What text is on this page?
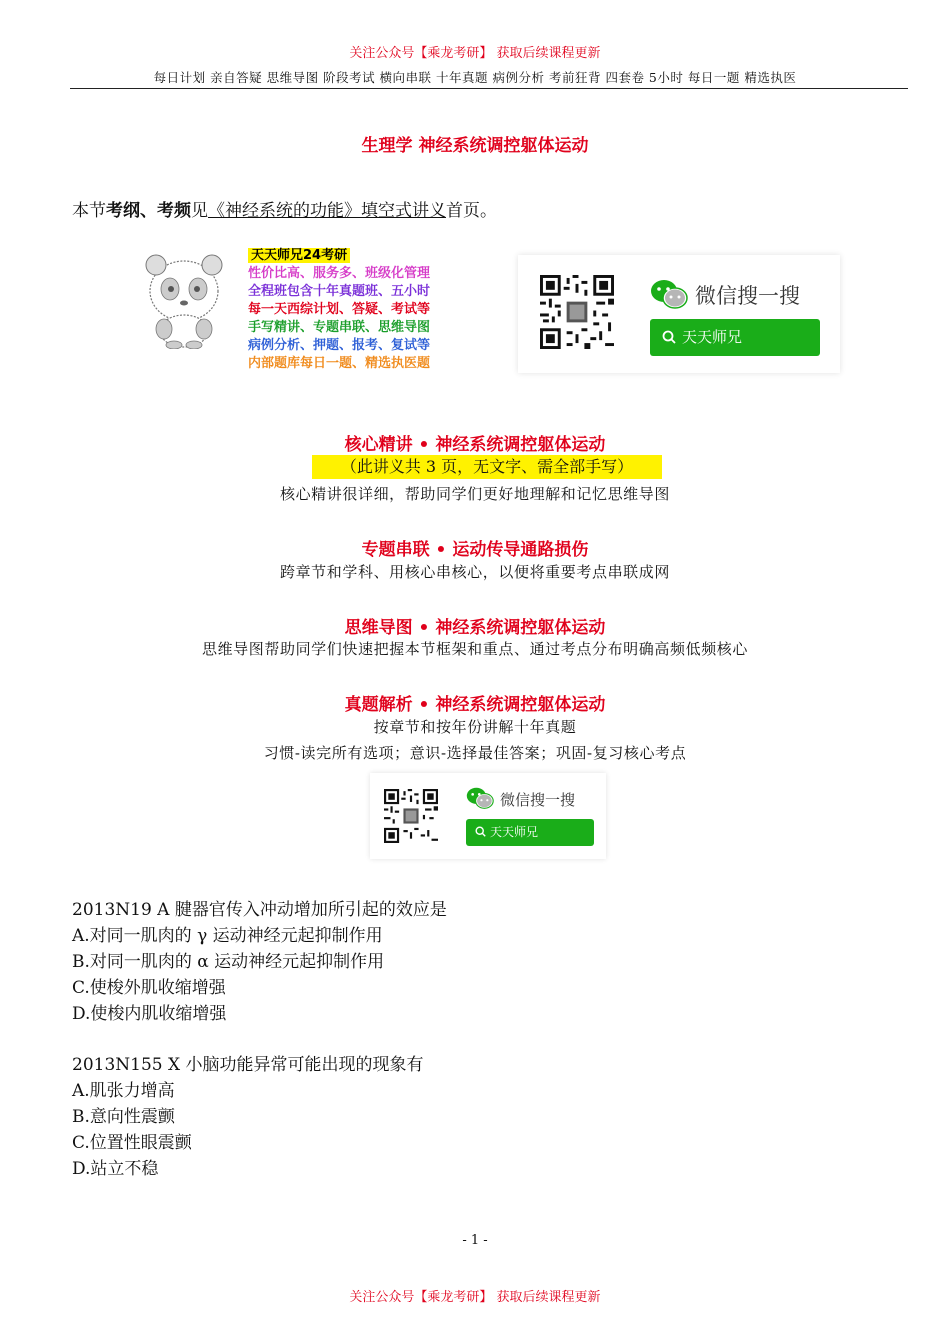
关注公众号【乘龙考研】 获取后续课程更新
每日计划 亲自答疑 思维导图 阶段考试 横向串联 十年真题 病例分析 考前狂背 四套卷 5小时 每日一题 精选执医
生理学 神经系统调控躯体运动
本节考纲、考频见《神经系统的功能》填空式讲义首页。
天天师兄24考研
性价比高、服务多、班级化管理
全程班包含十年真题班、五小时
每一天西综计划、答疑、考试等
手写精讲、专题串联、思维导图
病例分析、押题、报考、复试等
内部题库每日一题、精选执医题
微信搜一搜
天天师兄
核心精讲 • 神经系统调控躯体运动
（此讲义共 3 页，无文字、需全部手写）
核心精讲很详细，帮助同学们更好地理解和记忆思维导图
专题串联 • 运动传导通路损伤
跨章节和学科、用核心串核心，以便将重要考点串联成网
思维导图 • 神经系统调控躯体运动
思维导图帮助同学们快速把握本节框架和重点、通过考点分布明确高频低频核心
真题解析 • 神经系统调控躯体运动
按章节和按年份讲解十年真题
习惯-读完所有选项；意识-选择最佳答案；巩固-复习核心考点
微信搜一搜
天天师兄
2013N19 A 腱器官传入冲动增加所引起的效应是
A.对同一肌肉的 γ 运动神经元起抑制作用
B.对同一肌肉的 α 运动神经元起抑制作用
C.使梭外肌收缩增强
D.使梭内肌收缩增强
2013N155 X 小脑功能异常可能出现的现象有
A.肌张力增高
B.意向性震颤
C.位置性眼震颤
D.站立不稳
- 1 -
关注公众号【乘龙考研】 获取后续课程更新
